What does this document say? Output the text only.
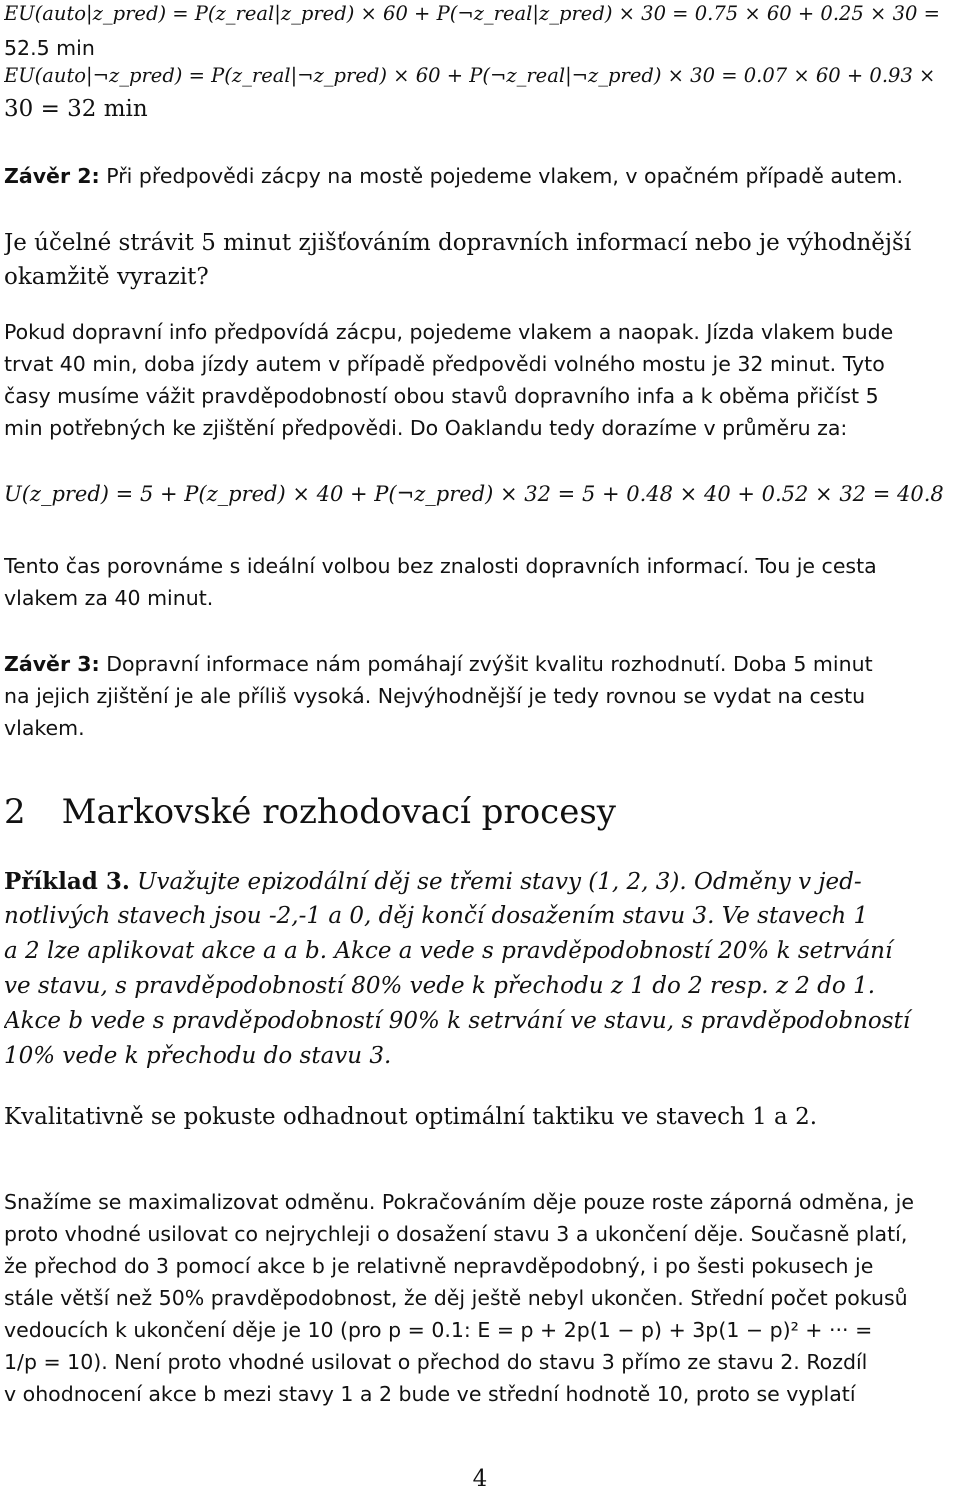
EU(auto|z_pred) = P(z_real|z_pred) × 60 + P(¬z_real|z_pred) × 30 = 0.75 × 60 + 0.25 × 30 =
52.5 min
EU(auto|¬z_pred) = P(z_real|¬z_pred) × 60 + P(¬z_real|¬z_pred) × 30 = 0.07 × 60 + 0.93 ×
30 = 32 min
Závěr 2: Při předpovědi zácpy na mostě pojedeme vlakem, v opačném případě autem.
Je účelné strávit 5 minut zjišťováním dopravních informací nebo je výhodnější
okamžitě vyrazit?
Pokud dopravní info předpovídá zácpu, pojedeme vlakem a naopak. Jízda vlakem bude
trvat 40 min, doba jízdy autem v případě předpovědi volného mostu je 32 minut. Tyto
časy musíme vážit pravděpodobností obou stavů dopravního infa a k oběma přičíst 5
min potřebných ke zjištění předpovědi. Do Oaklandu tedy dorazíme v průměru za:
U(z_pred) = 5 + P(z_pred) × 40 + P(¬z_pred) × 32 = 5 + 0.48 × 40 + 0.52 × 32 = 40.8
Tento čas porovnáme s ideální volbou bez znalosti dopravních informací. Tou je cesta
vlakem za 40 minut.
Závěr 3: Dopravní informace nám pomáhají zvýšit kvalitu rozhodnutí. Doba 5 minut
na jejich zjištění je ale příliš vysoká. Nejvýhodnější je tedy rovnou se vydat na cestu
vlakem.
2 Markovské rozhodovací procesy
Příklad 3. Uvažujte epizodální děj se třemi stavy (1, 2, 3). Odměny v jed-
notlivých stavech jsou -2,-1 a 0, děj končí dosažením stavu 3. Ve stavech 1
a 2 lze aplikovat akce a a b. Akce a vede s pravděpodobností 20% k setrvání
ve stavu, s pravděpodobností 80% vede k přechodu z 1 do 2 resp. z 2 do 1.
Akce b vede s pravděpodobností 90% k setrvání ve stavu, s pravděpodobností
10% vede k přechodu do stavu 3.
Kvalitativně se pokuste odhadnout optimální taktiku ve stavech 1 a 2.
Snažíme se maximalizovat odměnu. Pokračováním děje pouze roste záporná odměna, je
proto vhodné usilovat co nejrychleji o dosažení stavu 3 a ukončení děje. Současně platí,
že přechod do 3 pomocí akce b je relativně nepravděpodobný, i po šesti pokusech je
stále větší než 50% pravděpodobnost, že děj ještě nebyl ukončen. Střední počet pokusů
vedoucích k ukončení děje je 10 (pro p = 0.1: E = p + 2p(1 − p) + 3p(1 − p)² + ··· =
1/p = 10). Není proto vhodné usilovat o přechod do stavu 3 přímo ze stavu 2. Rozdíl
v ohodnocení akce b mezi stavy 1 a 2 bude ve střední hodnotě 10, proto se vyplatí
4
